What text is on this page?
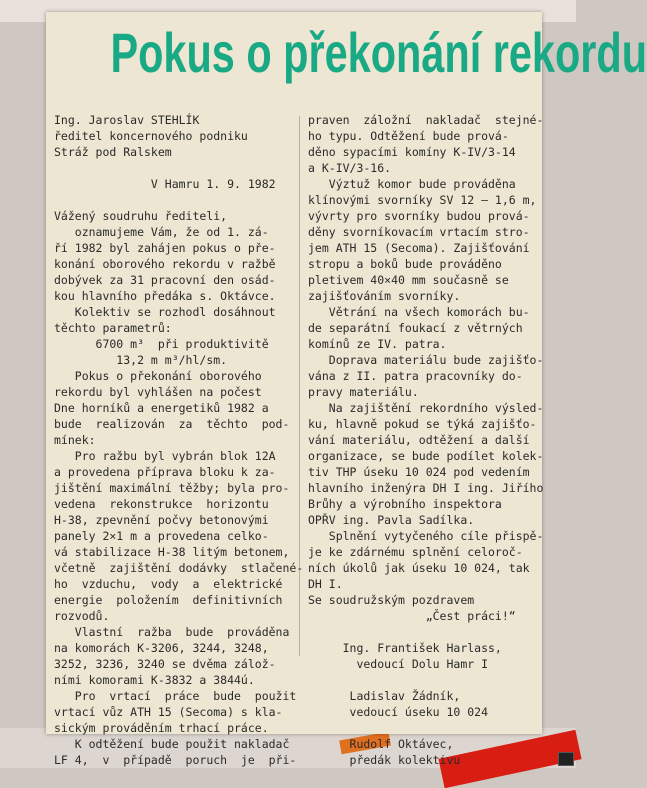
Pokus o překonání rekordu
Ing. Jaroslav STEHLÍK
ředitel koncernového podniku
Stráž pod Ralskem
V Hamru 1. 9. 1982
Vážený soudruhu řediteli,
oznamujeme Vám, že od 1. zá-
ří 1982 byl zahájen pokus o pře-
konání oborového rekordu v ražbě
dobývek za 31 pracovní den osád-
kou hlavního předáka s. Oktávce.
Kolektiv se rozhodl dosáhnout
těchto parametrů:
6700 m³  při produktivitě
13,2 m m³/hl/sm.
Pokus o překonání oborového
rekordu byl vyhlášen na počest
Dne horníků a energetiků 1982 a
bude  realizován  za  těchto  pod-
mínek:
Pro ražbu byl vybrán blok 12A
a provedena příprava bloku k za-
jištění maximální těžby; byla pro-
vedena  rekonstrukce  horizontu
H-38, zpevnění počvy betonovými
panely 2×1 m a provedena celko-
vá stabilizace H-38 litým betonem,
včetně  zajištění dodávky  stlačené-
ho  vzduchu,  vody  a  elektrické
energie  položením  definitivních
rozvodů.
Vlastní  ražba  bude  prováděna
na komorách K-3206, 3244, 3248,
3252, 3236, 3240 se dvěma zálož-
ními komorami K-3832 a 3844ú.
Pro  vrtací  práce  bude  použit
vrtací vůz ATH 15 (Secoma) s kla-
sickým prováděním trhací práce.
K odtěžení bude použit nakladač
LF 4,  v  případě  poruch  je  při-
praven  záložní  nakladač  stejné-
ho typu. Odtěžení bude prová-
děno sypacími komíny K-IV/3-14
a K-IV/3-16.
Výztuž komor bude prováděna
klínovými svorníky SV 12 — 1,6 m,
vývrty pro svorníky budou prová-
děny svorníkovacím vrtacím stro-
jem ATH 15 (Secoma). Zajišťování
stropu a boků bude prováděno
pletivem 40×40 mm současně se
zajišťováním svorníky.
Větrání na všech komorách bu-
de separátní foukací z větrných
komínů ze IV. patra.
Doprava materiálu bude zajišťo-
vána z II. patra pracovníky do-
pravy materiálu.
Na zajištění rekordního výsled-
ku, hlavně pokud se týká zajišťo-
vání materiálu, odtěžení a další
organizace, se bude podílet kolek-
tiv THP úseku 10 024 pod vedením
hlavního inženýra DH I ing. Jiřího
Brůhy a výrobního inspektora
OPŘV ing. Pavla Sadílka.
Splnění vytyčeného cíle přispě-
je ke zdárnému splnění celoroč-
ních úkolů jak úseku 10 024, tak
DH I.
Se soudružským pozdravem
„Čest práci!“
Ing. František Harlass,
vedoucí Dolu Hamr I
Ladislav Žádník,
vedoucí úseku 10 024
Rudolf Oktávec,
předák kolektivu
